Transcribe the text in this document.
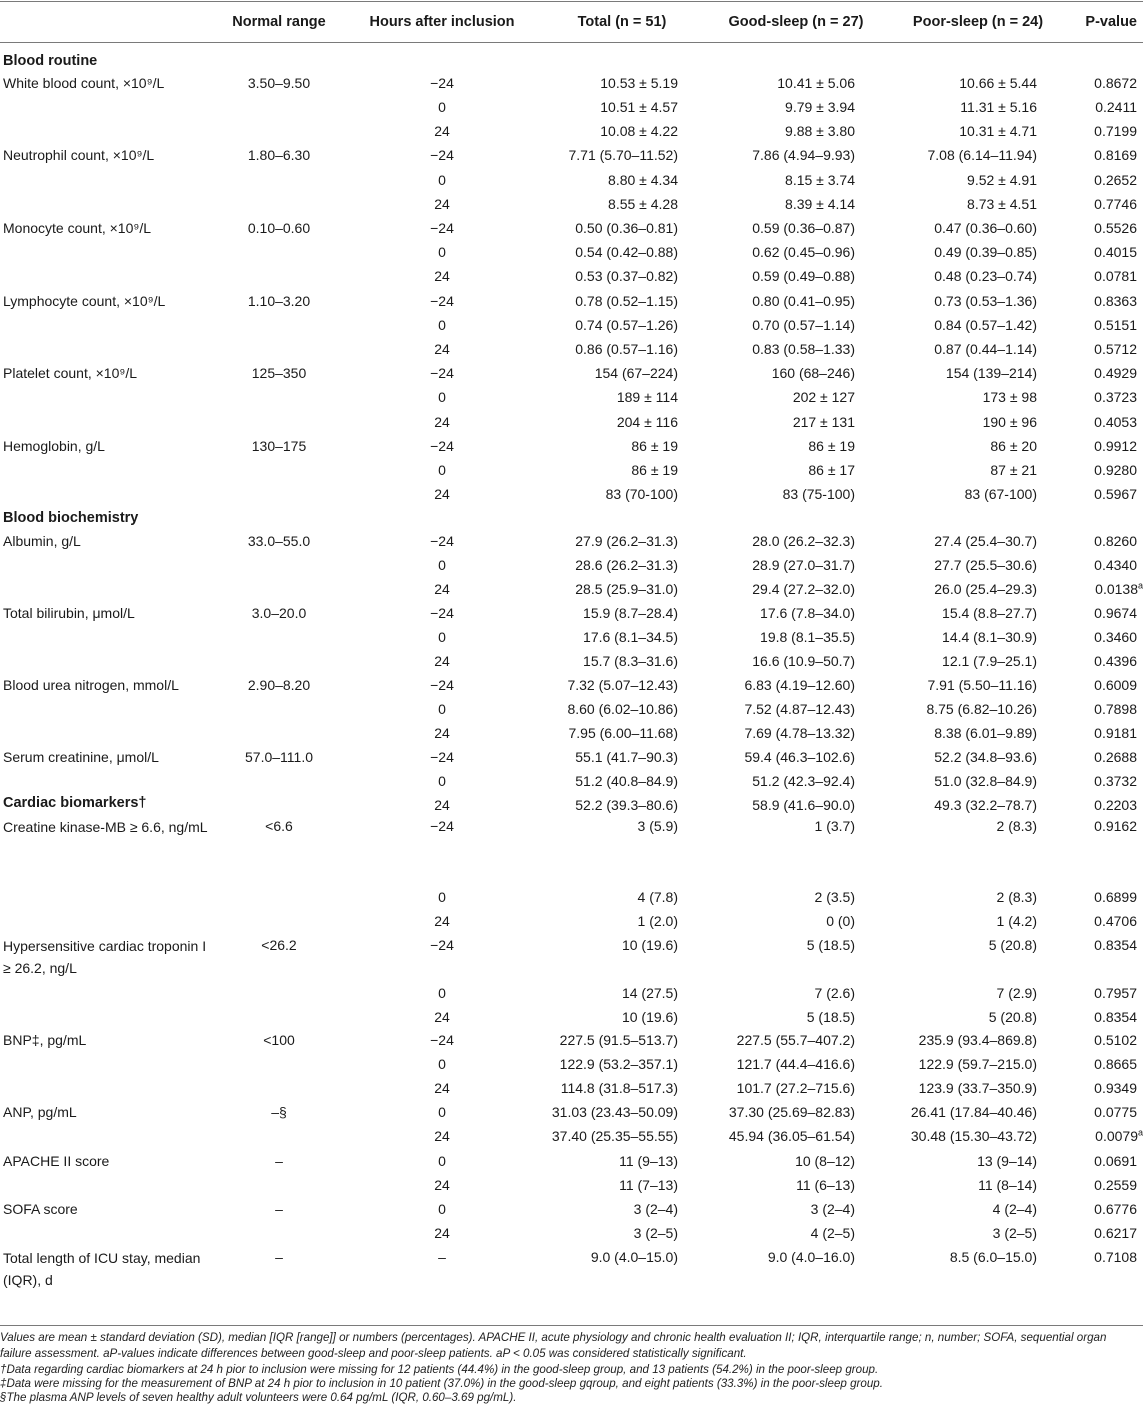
Normal range	Hours after inclusion	Total (n = 51)	Good-sleep (n = 27)	Poor-sleep (n = 24)	P-value
Blood routine
Blood biochemistry
Cardiac biomarkers†
White blood count, ×10⁹/L	3.50–9.50	−24	10.53 ± 5.19	10.41 ± 5.06	10.66 ± 5.44	0.8672
0	10.51 ± 4.57	9.79 ± 3.94	11.31 ± 5.16	0.2411
24	10.08 ± 4.22	9.88 ± 3.80	10.31 ± 4.71	0.7199
Neutrophil count, ×10⁹/L	1.80–6.30	−24	7.71 (5.70–11.52)	7.86 (4.94–9.93)	7.08 (6.14–11.94)	0.8169
0	8.80 ± 4.34	8.15 ± 3.74	9.52 ± 4.91	0.2652
24	8.55 ± 4.28	8.39 ± 4.14	8.73 ± 4.51	0.7746
Monocyte count, ×10⁹/L	0.10–0.60	−24	0.50 (0.36–0.81)	0.59 (0.36–0.87)	0.47 (0.36–0.60)	0.5526
0	0.54 (0.42–0.88)	0.62 (0.45–0.96)	0.49 (0.39–0.85)	0.4015
24	0.53 (0.37–0.82)	0.59 (0.49–0.88)	0.48 (0.23–0.74)	0.0781
Lymphocyte count, ×10⁹/L	1.10–3.20	−24	0.78 (0.52–1.15)	0.80 (0.41–0.95)	0.73 (0.53–1.36)	0.8363
0	0.74 (0.57–1.26)	0.70 (0.57–1.14)	0.84 (0.57–1.42)	0.5151
24	0.86 (0.57–1.16)	0.83 (0.58–1.33)	0.87 (0.44–1.14)	0.5712
Platelet count, ×10⁹/L	125–350	−24	154 (67–224)	160 (68–246)	154 (139–214)	0.4929
0	189 ± 114	202 ± 127	173 ± 98	0.3723
24	204 ± 116	217 ± 131	190 ± 96	0.4053
Hemoglobin, g/L	130–175	−24	86 ± 19	86 ± 19	86 ± 20	0.9912
0	86 ± 19	86 ± 17	87 ± 21	0.9280
24	83 (70-100)	83 (75-100)	83 (67-100)	0.5967
Albumin, g/L	33.0–55.0	−24	27.9 (26.2–31.3)	28.0 (26.2–32.3)	27.4 (25.4–30.7)	0.8260
0	28.6 (26.2–31.3)	28.9 (27.0–31.7)	27.7 (25.5–30.6)	0.4340
24	28.5 (25.9–31.0)	29.4 (27.2–32.0)	26.0 (25.4–29.3)	0.0138$^a$
Total bilirubin, μmol/L	3.0–20.0	−24	15.9 (8.7–28.4)	17.6 (7.8–34.0)	15.4 (8.8–27.7)	0.9674
0	17.6 (8.1–34.5)	19.8 (8.1–35.5)	14.4 (8.1–30.9)	0.3460
24	15.7 (8.3–31.6)	16.6 (10.9–50.7)	12.1 (7.9–25.1)	0.4396
Blood urea nitrogen, mmol/L	2.90–8.20	−24	7.32 (5.07–12.43)	6.83 (4.19–12.60)	7.91 (5.50–11.16)	0.6009
0	8.60 (6.02–10.86)	7.52 (4.87–12.43)	8.75 (6.82–10.26)	0.7898
24	7.95 (6.00–11.68)	7.69 (4.78–13.32)	8.38 (6.01–9.89)	0.9181
Serum creatinine, μmol/L	57.0–111.0	−24	55.1 (41.7–90.3)	59.4 (46.3–102.6)	52.2 (34.8–93.6)	0.2688
0	51.2 (40.8–84.9)	51.2 (42.3–92.4)	51.0 (32.8–84.9)	0.3732
24	52.2 (39.3–80.6)	58.9 (41.6–90.0)	49.3 (32.2–78.7)	0.2203
Creatine kinase-MB ≥ 6.6, ng/mL	<6.6	−24	3 (5.9)	1 (3.7)	2 (8.3)	0.9162
0	4 (7.8)	2 (3.5)	2 (8.3)	0.6899
24	1 (2.0)	0 (0)	1 (4.2)	0.4706
Hypersensitive cardiac troponin I ≥ 26.2, ng/L
<26.2	−24	10 (19.6)	5 (18.5)	5 (20.8)	0.8354
0	14 (27.5)	7 (2.6)	7 (2.9)	0.7957
24	10 (19.6)	5 (18.5)	5 (20.8)	0.8354
BNP‡, pg/mL	<100	−24	227.5 (91.5–513.7)	227.5 (55.7–407.2)	235.9 (93.4–869.8)	0.5102
0	122.9 (53.2–357.1)	121.7 (44.4–416.6)	122.9 (59.7–215.0)	0.8665
24	114.8 (31.8–517.3)	101.7 (27.2–715.6)	123.9 (33.7–350.9)	0.9349
ANP, pg/mL	–§	0	31.03 (23.43–50.09)	37.30 (25.69–82.83)	26.41 (17.84–40.46)	0.0775
24	37.40 (25.35–55.55)	45.94 (36.05–61.54)	30.48 (15.30–43.72)	0.0079$^a$
APACHE II score	–	0	11 (9–13)	10 (8–12)	13 (9–14)	0.0691
24	11 (7–13)	11 (6–13)	11 (8–14)	0.2559
SOFA score	–	0	3 (2–4)	3 (2–4)	4 (2–4)	0.6776
24	3 (2–5)	4 (2–5)	3 (2–5)	0.6217
Total length of ICU stay, median (IQR), d
–	–	9.0 (4.0–15.0)	9.0 (4.0–16.0)	8.5 (6.0–15.0)	0.7108
Values are mean ± standard deviation (SD), median [IQR [range]] or numbers (percentages). APACHE II, acute physiology and chronic health evaluation II; IQR, interquartile range; n, number; SOFA, sequential organ failure assessment. aP-values indicate differences between good-sleep and poor-sleep patients. aP < 0.05 was considered statistically significant.
†Data regarding cardiac biomarkers at 24 h pior to inclusion were missing for 12 patients (44.4%) in the good-sleep group, and 13 patients (54.2%) in the poor-sleep group.
‡Data were missing for the measurement of BNP at 24 h pior to inclusion in 10 patient (37.0%) in the good-sleep gqroup, and eight patients (33.3%) in the poor-sleep group.
§The plasma ANP levels of seven healthy adult volunteers were 0.64 pg/mL (IQR, 0.60–3.69 pg/mL).
